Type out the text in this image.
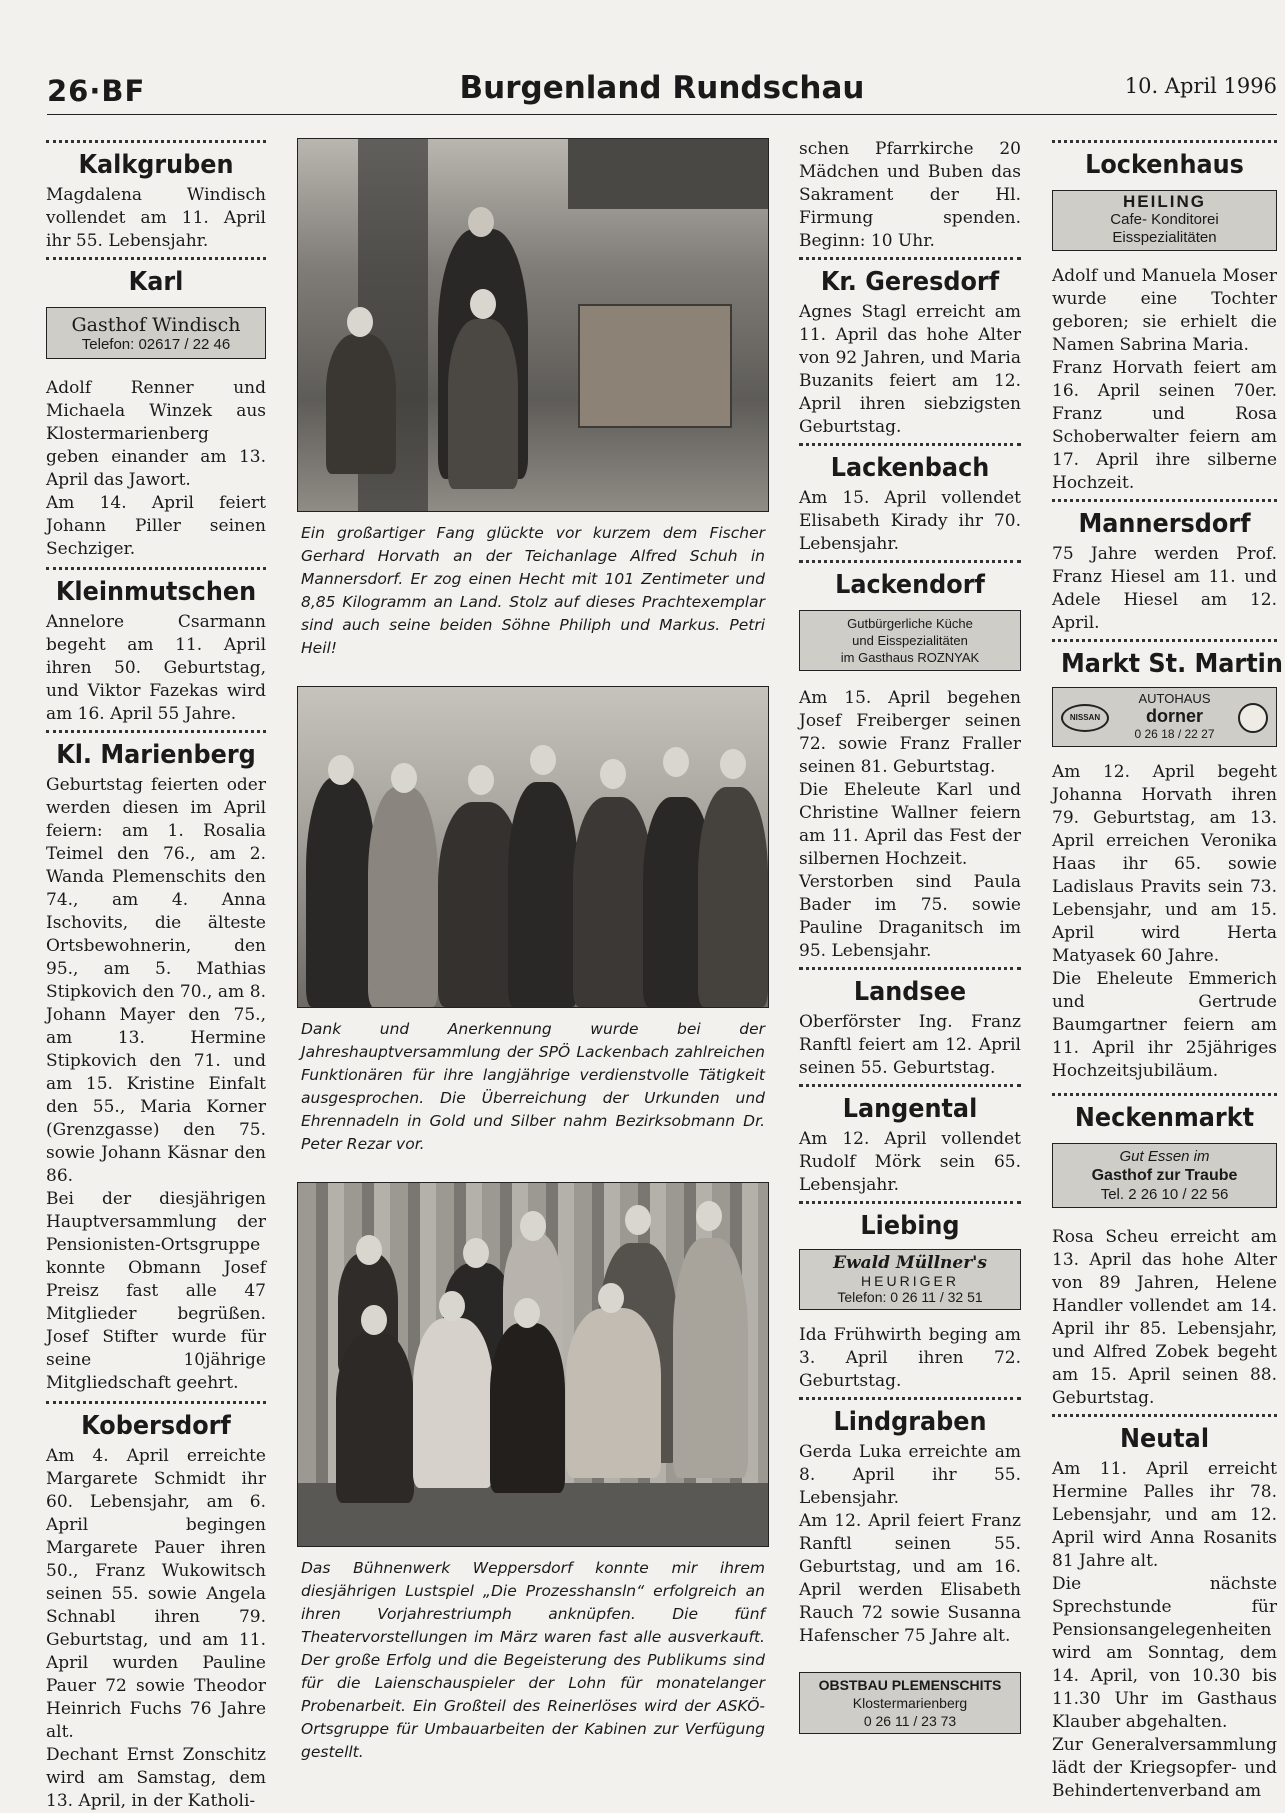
26·BF	Burgenland Rundschau	10. April 1996
Kalkgruben

Magdalena Windisch vollendet am 11. April ihr 55. Lebensjahr.

Karl
Gasthof Windisch
Telefon: 02617 / 22 46

Adolf Renner und Michaela Winzek aus Klostermarienberg geben einander am 13. April das Jawort.

Am 14. April feiert Johann Piller seinen Sechziger.

Kleinmutschen

Annelore Csarmann begeht am 11. April ihren 50. Geburtstag, und Viktor Fazekas wird am 16. April 55 Jahre.

Kl. Marienberg

Geburtstag feierten oder werden diesen im April feiern: am 1. Rosalia Teimel den 76., am 2. Wanda Plemenschits den 74., am 4. Anna Ischovits, die älteste Ortsbewohnerin, den 95., am 5. Mathias Stipkovich den 70., am 8. Johann Mayer den 75., am 13. Hermine Stipkovich den 71. und am 15. Kristine Einfalt den 55., Maria Korner (Grenzgasse) den 75. sowie Johann Käsnar den 86.

Bei der diesjährigen Hauptversammlung der Pensionisten-Ortsgruppe konnte Obmann Josef Preisz fast alle 47 Mitglieder begrüßen. Josef Stifter wurde für seine 10jährige Mitgliedschaft geehrt.

Kobersdorf

Am 4. April erreichte Margarete Schmidt ihr 60. Lebensjahr, am 6. April begingen Margarete Pauer ihren 50., Franz Wukowitsch seinen 55. sowie Angela Schnabl ihren 79. Geburtstag, und am 11. April wurden Pauline Pauer 72 sowie Theodor Heinrich Fuchs 76 Jahre alt.

Dechant Ernst Zonschitz wird am Samstag, dem 13. April, in der Katholi-

Ein großartiger Fang glückte vor kurzem dem Fischer Gerhard Horvath an der Teichanlage Alfred Schuh in Mannersdorf. Er zog einen Hecht mit 101 Zentimeter und 8,85 Kilogramm an Land. Stolz auf dieses Prachtexemplar sind auch seine beiden Söhne Philiph und Markus. Petri Heil!

Dank und Anerkennung wurde bei der Jahreshauptversammlung der SPÖ Lackenbach zahlreichen Funktionären für ihre langjährige verdienstvolle Tätigkeit ausgesprochen. Die Überreichung der Urkunden und Ehrennadeln in Gold und Silber nahm Bezirksobmann Dr. Peter Rezar vor.

Das Bühnenwerk Weppersdorf konnte mir ihrem diesjährigen Lustspiel „Die Prozesshansln“ erfolgreich an ihren Vorjahrestriumph anknüpfen. Die fünf Theatervorstellungen im März waren fast alle ausverkauft. Der große Erfolg und die Begeisterung des Publikums sind für die Laienschauspieler der Lohn für monatelanger Probenarbeit. Ein Großteil des Reinerlöses wird der ASKÖ-Ortsgruppe für Umbauarbeiten der Kabinen zur Verfügung gestellt.

schen Pfarrkirche 20 Mädchen und Buben das Sakrament der Hl. Firmung spenden. Beginn: 10 Uhr.

Kr. Geresdorf

Agnes Stagl erreicht am 11. April das hohe Alter von 92 Jahren, und Maria Buzanits feiert am 12. April ihren siebzigsten Geburtstag.

Lackenbach

Am 15. April vollendet Elisabeth Kirady ihr 70. Lebensjahr.

Lackendorf
Gutbürgerliche Küche
und Eisspezialitäten
im Gasthaus ROZNYAK

Am 15. April begehen Josef Freiberger seinen 72. sowie Franz Fraller seinen 81. Geburtstag.

Die Eheleute Karl und Christine Wallner feiern am 11. April das Fest der silbernen Hochzeit.

Verstorben sind Paula Bader im 75. sowie Pauline Draganitsch im 95. Lebensjahr.

Landsee

Oberförster Ing. Franz Ranftl feiert am 12. April seinen 55. Geburtstag.

Langental

Am 12. April vollendet Rudolf Mörk sein 65. Lebensjahr.

Liebing
Ewald Müllner's
HEURIGER
Telefon: 0 26 11 / 32 51

Ida Frühwirth beging am 3. April ihren 72. Geburtstag.

Lindgraben

Gerda Luka erreichte am 8. April ihr 55. Lebensjahr.

Am 12. April feiert Franz Ranftl seinen 55. Geburtstag, und am 16. April werden Elisabeth Rauch 72 sowie Susanna Hafenscher 75 Jahre alt.

OBSTBAU PLEMENSCHITS
Klostermarienberg
0 26 11 / 23 73
Lockenhaus
HEILING
Cafe- Konditorei
Eisspezialitäten

Adolf und Manuela Moser wurde eine Tochter geboren; sie erhielt die Namen Sabrina Maria.

Franz Horvath feiert am 16. April seinen 70er. Franz und Rosa Schoberwalter feiern am 17. April ihre silberne Hochzeit.

Mannersdorf

75 Jahre werden Prof. Franz Hiesel am 11. und Adele Hiesel am 12. April.

Markt St. Martin
NISSAN
AUTOHAUS
dorner
0 26 18 / 22 27

Am 12. April begeht Johanna Horvath ihren 79. Geburtstag, am 13. April erreichen Veronika Haas ihr 65. sowie Ladislaus Pravits sein 73. Lebensjahr, und am 15. April wird Herta Matyasek 60 Jahre.

Die Eheleute Emmerich und Gertrude Baumgartner feiern am 11. April ihr 25jähriges Hochzeitsjubiläum.

Neckenmarkt
Gut Essen im
Gasthof zur Traube
Tel. 2 26 10 / 22 56

Rosa Scheu erreicht am 13. April das hohe Alter von 89 Jahren, Helene Handler vollendet am 14. April ihr 85. Lebensjahr, und Alfred Zobek begeht am 15. April seinen 88. Geburtstag.

Neutal

Am 11. April erreicht Hermine Palles ihr 78. Lebensjahr, und am 12. April wird Anna Rosanits 81 Jahre alt.

Die nächste Sprechstunde für Pensionsangelegenheiten wird am Sonntag, dem 14. April, von 10.30 bis 11.30 Uhr im Gasthaus Klauber abgehalten.

Zur Generalversammlung lädt der Kriegsopfer- und Behindertenverband am
